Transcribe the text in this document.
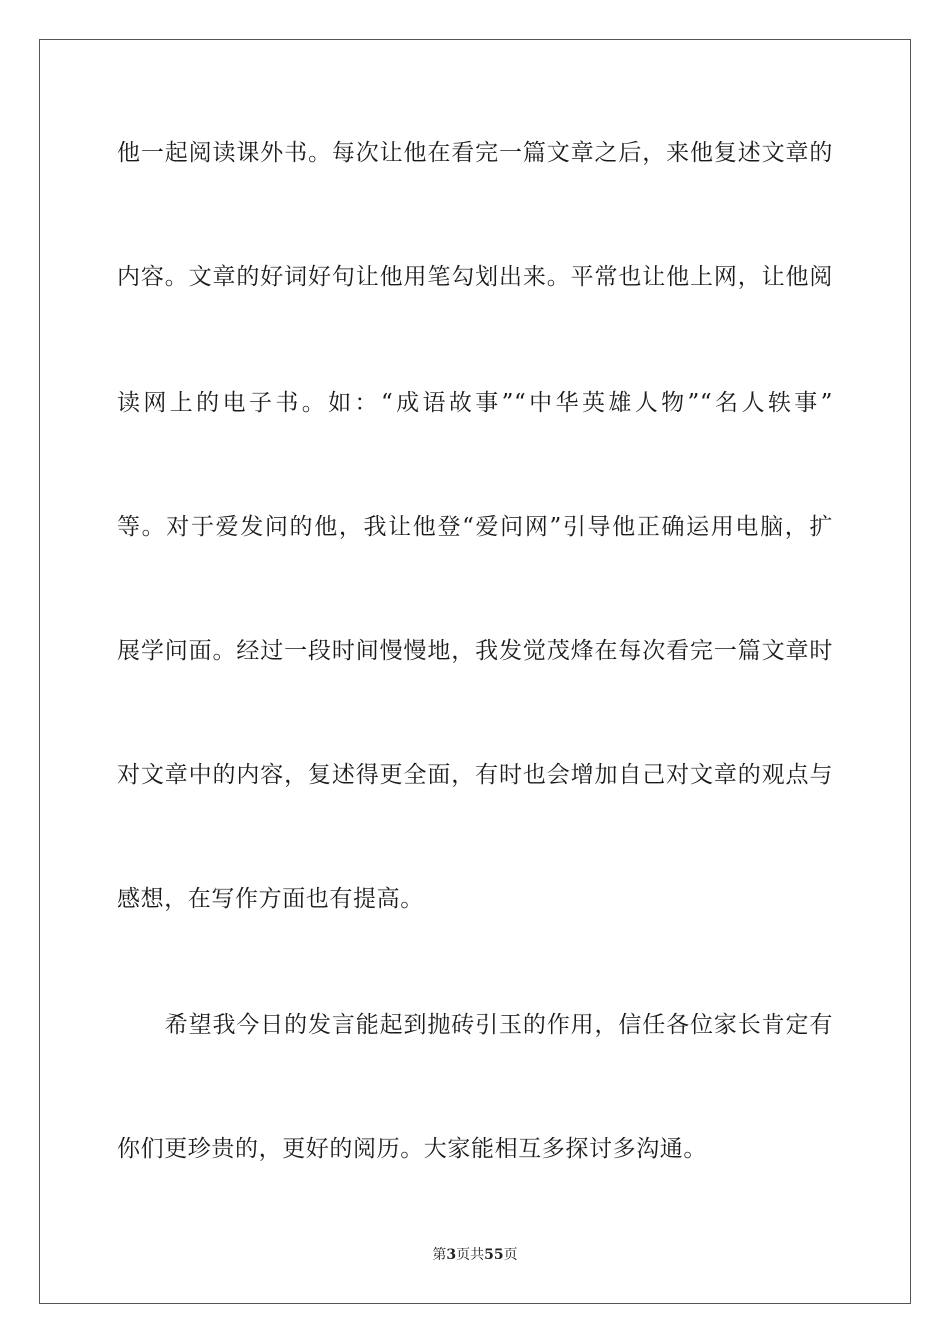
他一起阅读课外书。每次让他在看完一篇文章之后，来他复述文章的
内容。文章的好词好句让他用笔勾划出来。平常也让他上网，让他阅
读网上的电子书。如：“成语故事”“中华英雄人物”“名人轶事”
等。对于爱发问的他，我让他登“爱问网”引导他正确运用电脑，扩
展学问面。经过一段时间慢慢地，我发觉茂烽在每次看完一篇文章时
对文章中的内容，复述得更全面，有时也会增加自己对文章的观点与
感想，在写作方面也有提高。
　　希望我今日的发言能起到抛砖引玉的作用，信任各位家长肯定有
你们更珍贵的，更好的阅历。大家能相互多探讨多沟通。
第3页共55页
